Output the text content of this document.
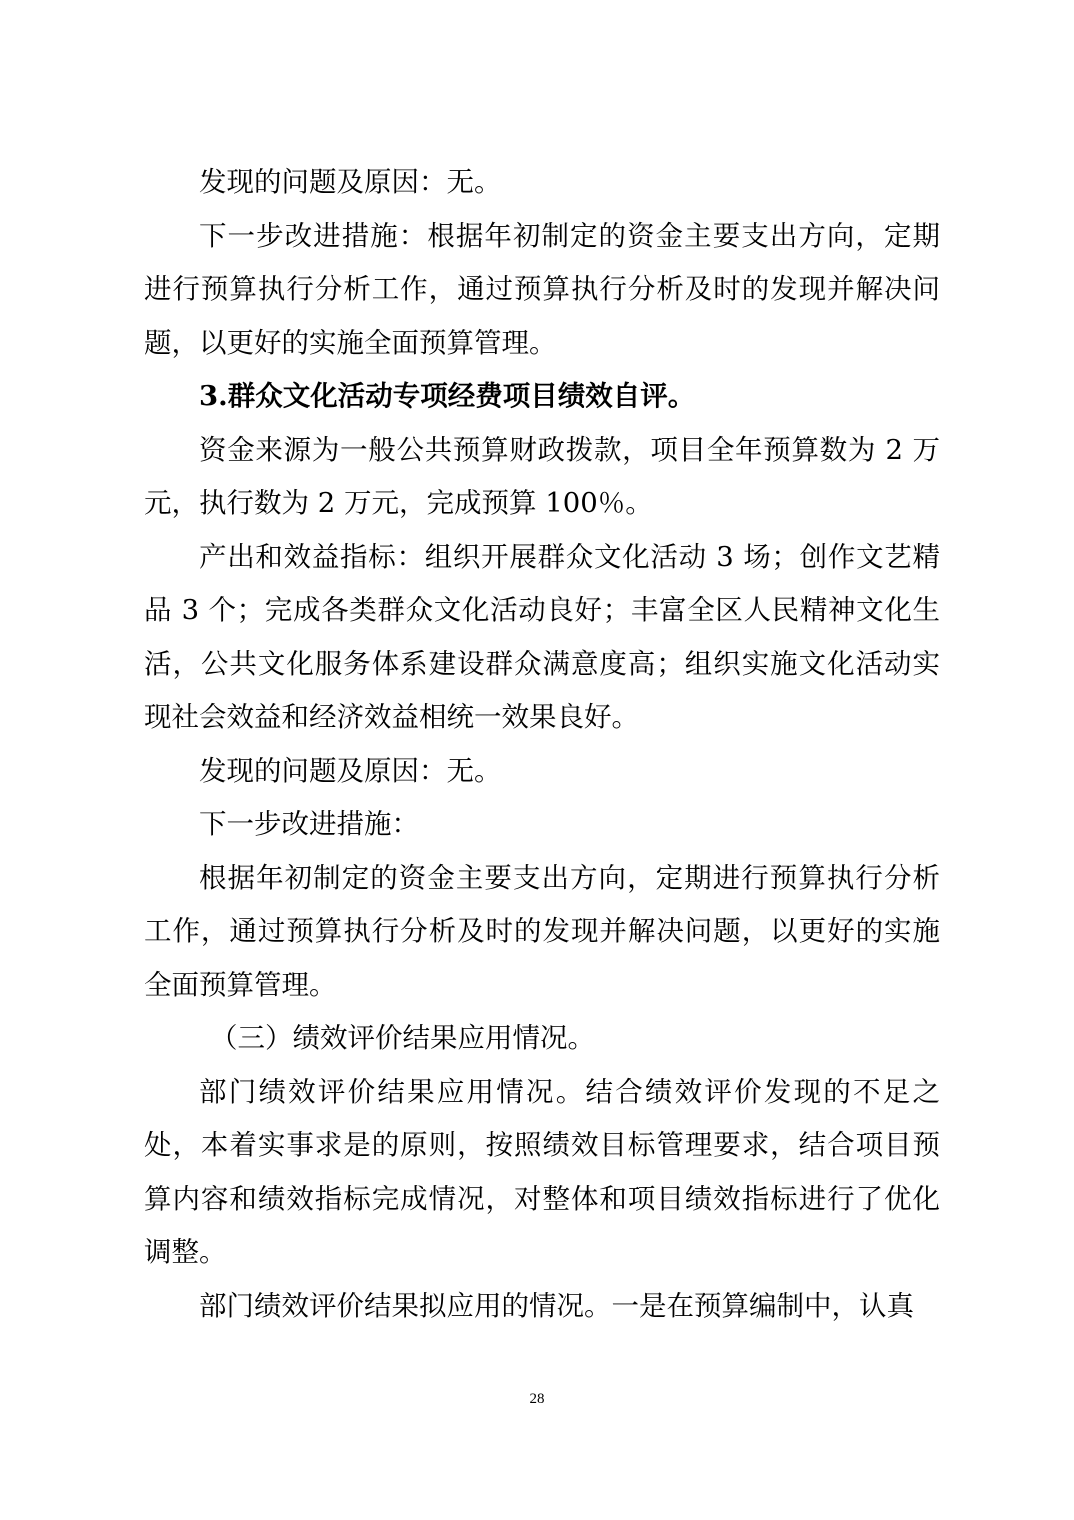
发现的问题及原因：无。

下一步改进措施：根据年初制定的资金主要支出方向，定期进行预算执行分析工作，通过预算执行分析及时的发现并解决问题，以更好的实施全面预算管理。

3.群众文化活动专项经费项目绩效自评。

资金来源为一般公共预算财政拨款，项目全年预算数为 2 万元，执行数为 2 万元，完成预算 100％。

产出和效益指标：组织开展群众文化活动 3 场；创作文艺精品 3 个；完成各类群众文化活动良好；丰富全区人民精神文化生活，公共文化服务体系建设群众满意度高；组织实施文化活动实现社会效益和经济效益相统一效果良好。

发现的问题及原因：无。

下一步改进措施：

根据年初制定的资金主要支出方向，定期进行预算执行分析工作，通过预算执行分析及时的发现并解决问题，以更好的实施全面预算管理。

（三）绩效评价结果应用情况。

部门绩效评价结果应用情况。结合绩效评价发现的不足之处，本着实事求是的原则，按照绩效目标管理要求，结合项目预算内容和绩效指标完成情况，对整体和项目绩效指标进行了优化调整。

部门绩效评价结果拟应用的情况。一是在预算编制中，认真

28
